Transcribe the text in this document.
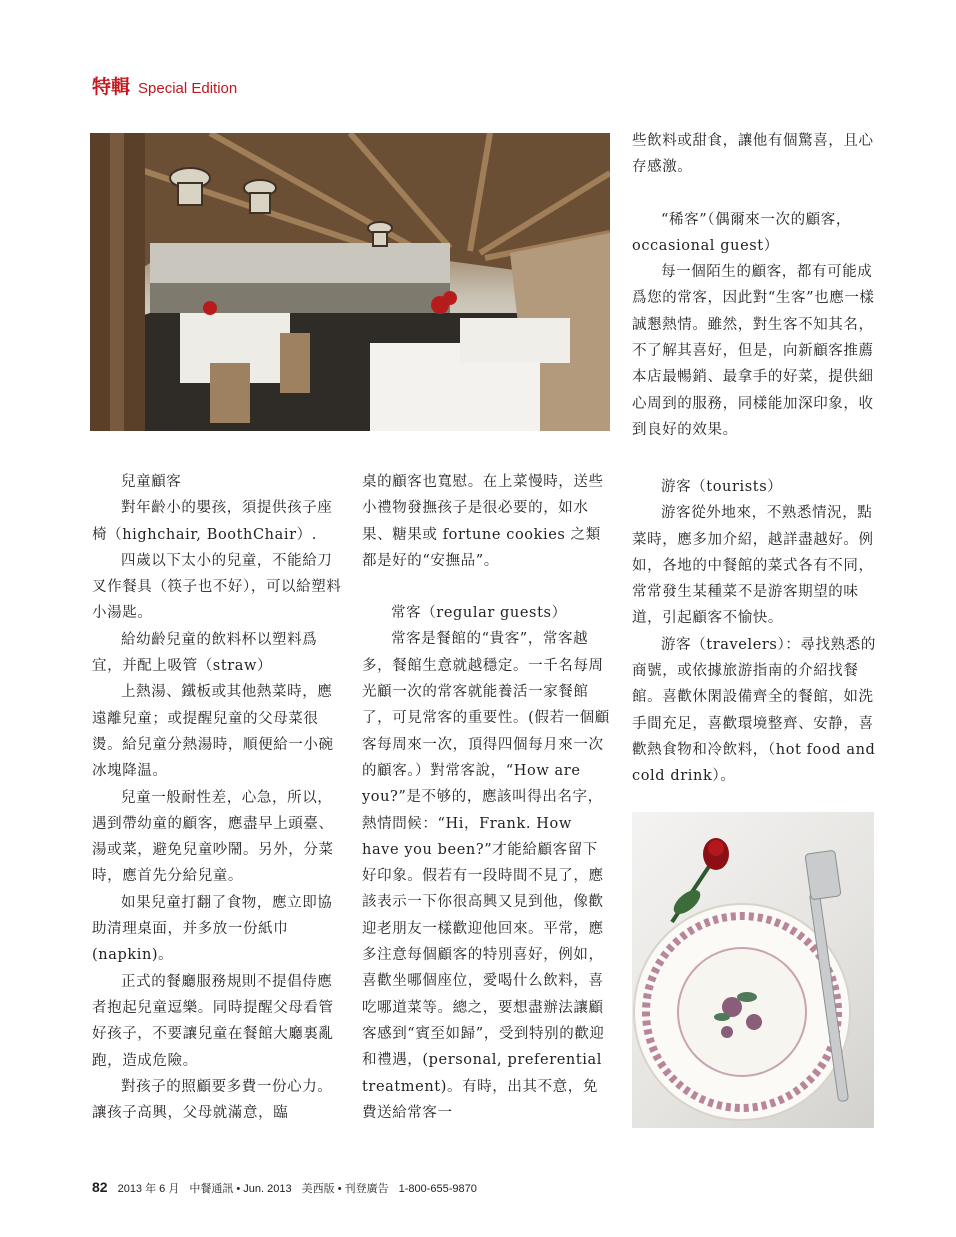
特輯 Special Edition

兒童顧客

對年齡小的嬰孩，須提供孩子座椅（highchair, BoothChair）.

四歲以下太小的兒童，不能給刀叉作餐具（筷子也不好），可以給塑料小湯匙。

給幼齡兒童的飲料杯以塑料爲宜，并配上吸管（straw）

上熱湯、鐵板或其他熱菜時，應遠離兒童；或提醒兒童的父母菜很燙。給兒童分熱湯時，順便給一小碗冰塊降温。

兒童一般耐性差，心急，所以，遇到帶幼童的顧客，應盡早上頭臺、湯或菜，避免兒童吵鬧。另外，分菜時，應首先分給兒童。

如果兒童打翻了食物，應立即協助清理桌面，并多放一份紙巾(napkin)。

正式的餐廳服務規則不提倡侍應者抱起兒童逗樂。同時提醒父母看管好孩子，不要讓兒童在餐館大廳裏亂跑，造成危險。

對孩子的照顧要多費一份心力。讓孩子高興，父母就滿意，臨

桌的顧客也寬慰。在上菜慢時，送些小禮物發撫孩子是很必要的，如水果、糖果或 fortune cookies 之類都是好的“安撫品”。

常客（regular guests）

常客是餐館的“貴客”，常客越多，餐館生意就越穩定。一千名每周光顧一次的常客就能養活一家餐館了，可見常客的重要性。(假若一個顧客每周來一次，頂得四個每月來一次的顧客。）對常客說，“How are you?”是不够的，應該叫得出名字，熱情問候：“Hi，Frank. How have you been?”才能給顧客留下好印象。假若有一段時間不見了，應該表示一下你很高興又見到他，像歡迎老朋友一樣歡迎他回來。平常，應多注意每個顧客的特別喜好，例如，喜歡坐哪個座位，愛喝什么飲料，喜吃哪道菜等。總之，要想盡辦法讓顧客感到“賓至如歸”，受到特别的歡迎和禮遇，(personal, preferential treatment)。有時，出其不意，免費送給常客一

些飲料或甜食，讓他有個驚喜，且心存感激。

“稀客”（偶爾來一次的顧客，occasional guest）

每一個陌生的顧客，都有可能成爲您的常客，因此對“生客”也應一樣誠懇熱情。雖然，對生客不知其名，不了解其喜好，但是，向新顧客推薦本店最暢銷、最拿手的好菜，提供細心周到的服務，同樣能加深印象，收到良好的效果。

游客（tourists）

游客從外地來，不熟悉情況，點菜時，應多加介紹，越詳盡越好。例如，各地的中餐館的菜式各有不同，常常發生某種菜不是游客期望的味道，引起顧客不愉快。

游客（travelers）：尋找熟悉的商號，或依據旅游指南的介紹找餐館。喜歡休閑設備齊全的餐館，如洗手間充足，喜歡環境整齊、安静，喜歡熱食物和冷飲料，（hot food and cold drink）。

82 2013 年 6 月 中餐通訊 • Jun. 2013 美西版 • 刊登廣告 1-800-655-9870
